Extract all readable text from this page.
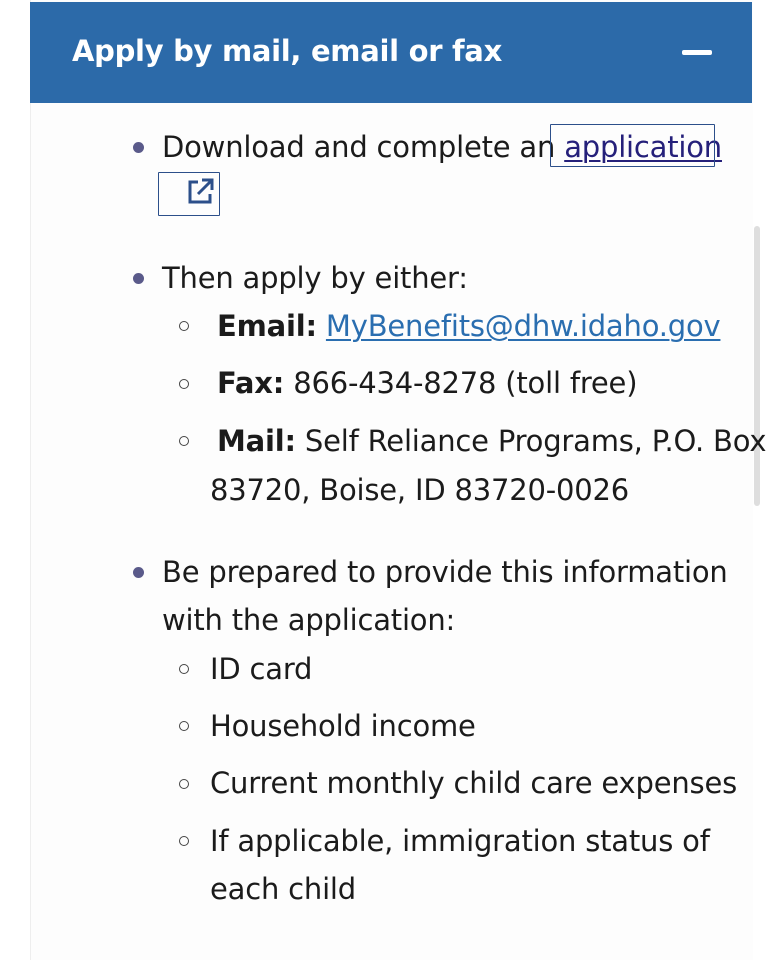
Apply by mail, email or fax
Download and complete an application
Then apply by either:
Email: MyBenefits@dhw.idaho.gov
Fax: 866-434-8278 (toll free)
Mail: Self Reliance Programs, P.O. Box
83720, Boise, ID 83720-0026
Be prepared to provide this information
with the application:
ID card
Household income
Current monthly child care expenses
If applicable, immigration status of
each child
